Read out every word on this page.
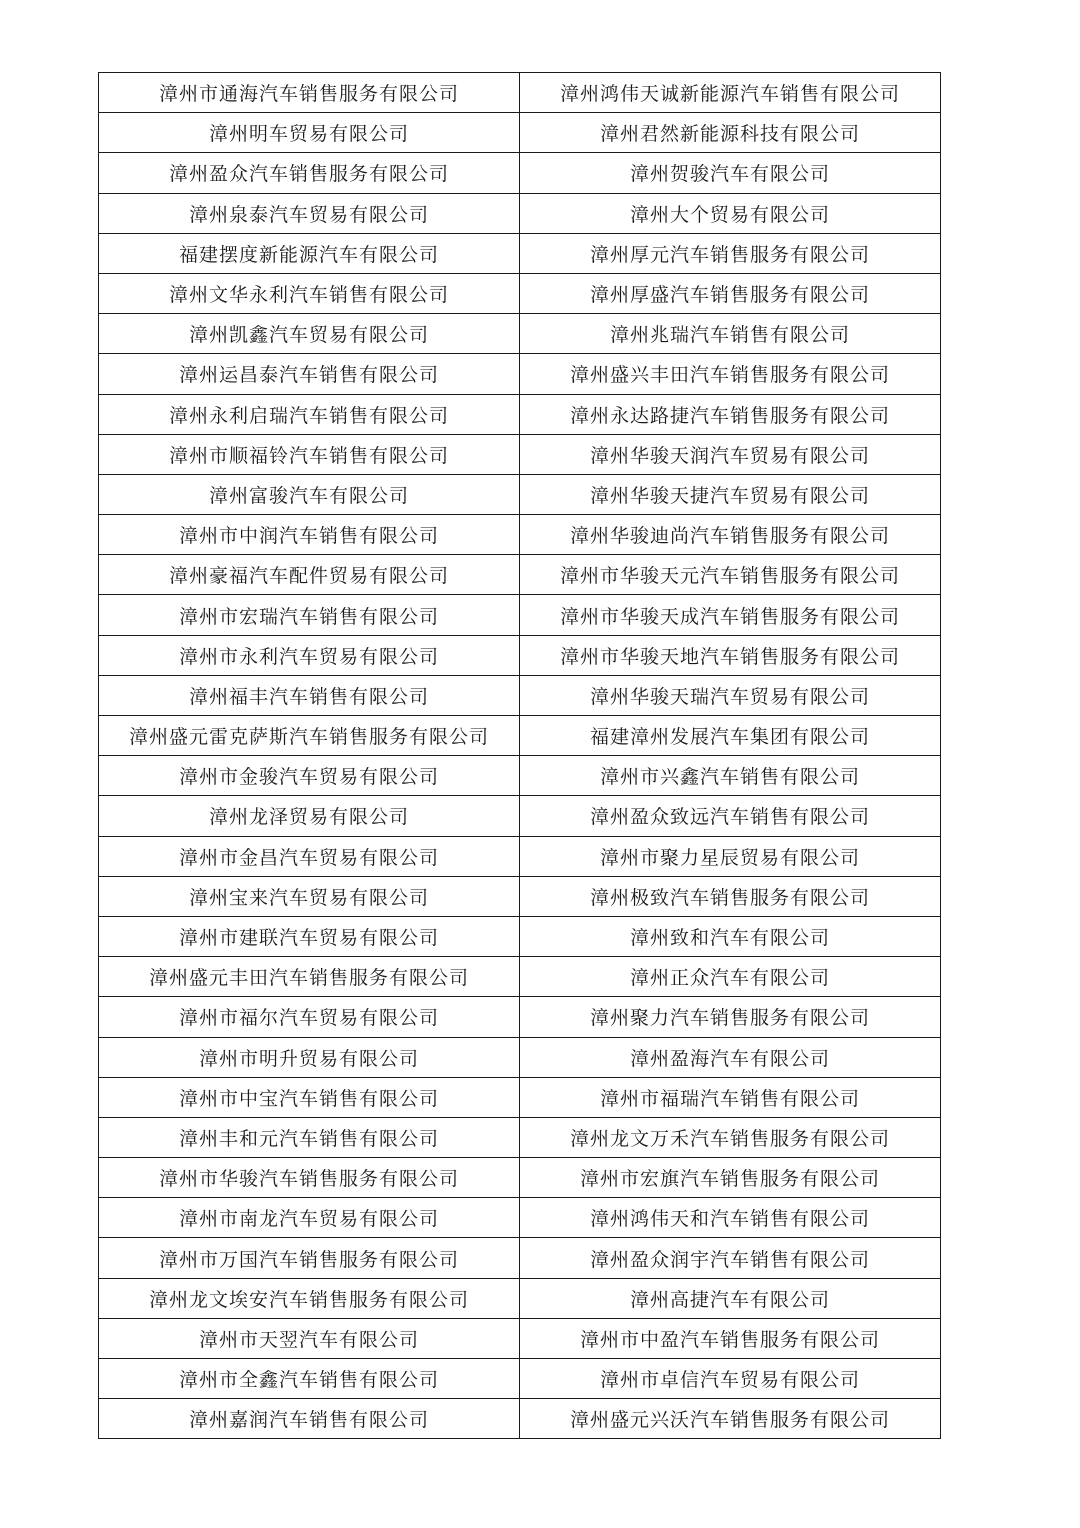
漳州市通海汽车销售服务有限公司	漳州鸿伟天诚新能源汽车销售有限公司
漳州明车贸易有限公司	漳州君然新能源科技有限公司
漳州盈众汽车销售服务有限公司	漳州贺骏汽车有限公司
漳州泉泰汽车贸易有限公司	漳州大个贸易有限公司
福建摆度新能源汽车有限公司	漳州厚元汽车销售服务有限公司
漳州文华永利汽车销售有限公司	漳州厚盛汽车销售服务有限公司
漳州凯鑫汽车贸易有限公司	漳州兆瑞汽车销售有限公司
漳州运昌泰汽车销售有限公司	漳州盛兴丰田汽车销售服务有限公司
漳州永利启瑞汽车销售有限公司	漳州永达路捷汽车销售服务有限公司
漳州市顺福铃汽车销售有限公司	漳州华骏天润汽车贸易有限公司
漳州富骏汽车有限公司	漳州华骏天捷汽车贸易有限公司
漳州市中润汽车销售有限公司	漳州华骏迪尚汽车销售服务有限公司
漳州豪福汽车配件贸易有限公司	漳州市华骏天元汽车销售服务有限公司
漳州市宏瑞汽车销售有限公司	漳州市华骏天成汽车销售服务有限公司
漳州市永利汽车贸易有限公司	漳州市华骏天地汽车销售服务有限公司
漳州福丰汽车销售有限公司	漳州华骏天瑞汽车贸易有限公司
漳州盛元雷克萨斯汽车销售服务有限公司	福建漳州发展汽车集团有限公司
漳州市金骏汽车贸易有限公司	漳州市兴鑫汽车销售有限公司
漳州龙泽贸易有限公司	漳州盈众致远汽车销售有限公司
漳州市金昌汽车贸易有限公司	漳州市聚力星辰贸易有限公司
漳州宝来汽车贸易有限公司	漳州极致汽车销售服务有限公司
漳州市建联汽车贸易有限公司	漳州致和汽车有限公司
漳州盛元丰田汽车销售服务有限公司	漳州正众汽车有限公司
漳州市福尔汽车贸易有限公司	漳州聚力汽车销售服务有限公司
漳州市明升贸易有限公司	漳州盈海汽车有限公司
漳州市中宝汽车销售有限公司	漳州市福瑞汽车销售有限公司
漳州丰和元汽车销售有限公司	漳州龙文万禾汽车销售服务有限公司
漳州市华骏汽车销售服务有限公司	漳州市宏旗汽车销售服务有限公司
漳州市南龙汽车贸易有限公司	漳州鸿伟天和汽车销售有限公司
漳州市万国汽车销售服务有限公司	漳州盈众润宇汽车销售有限公司
漳州龙文埃安汽车销售服务有限公司	漳州高捷汽车有限公司
漳州市天翌汽车有限公司	漳州市中盈汽车销售服务有限公司
漳州市全鑫汽车销售有限公司	漳州市卓信汽车贸易有限公司
漳州嘉润汽车销售有限公司	漳州盛元兴沃汽车销售服务有限公司
